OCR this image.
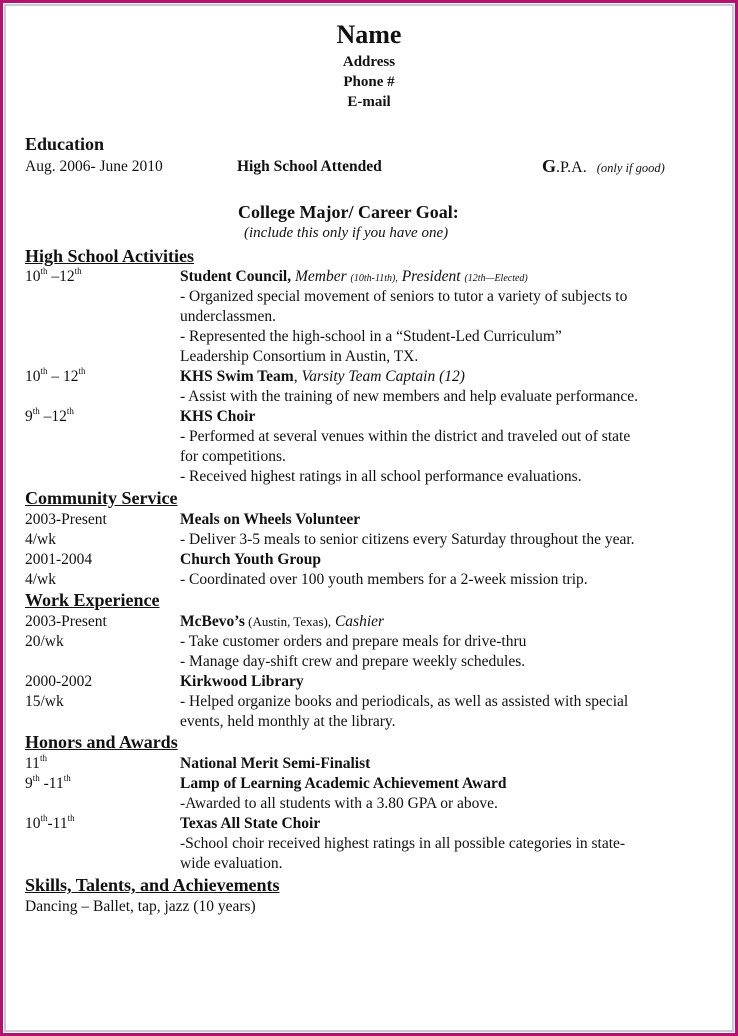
Name
Address
Phone #
E-mail
Education
Aug. 2006- June 2010	High School Attended	G.P.A. (only if good)
College Major/ Career Goal:
(include this only if you have one)
High School Activities
10th –12th	Student Council, Member (10th-11th), President (12th—Elected)
- Organized special movement of seniors to tutor a variety of subjects to
underclassmen.
- Represented the high-school in a “Student-Led Curriculum”
Leadership Consortium in Austin, TX.
10th – 12th	KHS Swim Team, Varsity Team Captain (12)
- Assist with the training of new members and help evaluate performance.
9th –12th	KHS Choir
- Performed at several venues within the district and traveled out of state
for competitions.
- Received highest ratings in all school performance evaluations.
Community Service
2003-Present	Meals on Wheels Volunteer
4/wk	- Deliver 3-5 meals to senior citizens every Saturday throughout the year.
2001-2004	Church Youth Group
4/wk	- Coordinated over 100 youth members for a 2-week mission trip.
Work Experience
2003-Present	McBevo’s (Austin, Texas), Cashier
20/wk	- Take customer orders and prepare meals for drive-thru
- Manage day-shift crew and prepare weekly schedules.
2000-2002	Kirkwood Library
15/wk	- Helped organize books and periodicals, as well as assisted with special
events, held monthly at the library.
Honors and Awards
11th	National Merit Semi-Finalist
9th -11th	Lamp of Learning Academic Achievement Award
-Awarded to all students with a 3.80 GPA or above.
10th-11th	Texas All State Choir
-School choir received highest ratings in all possible categories in state-
wide evaluation.
Skills, Talents, and Achievements
Dancing – Ballet, tap, jazz (10 years)
